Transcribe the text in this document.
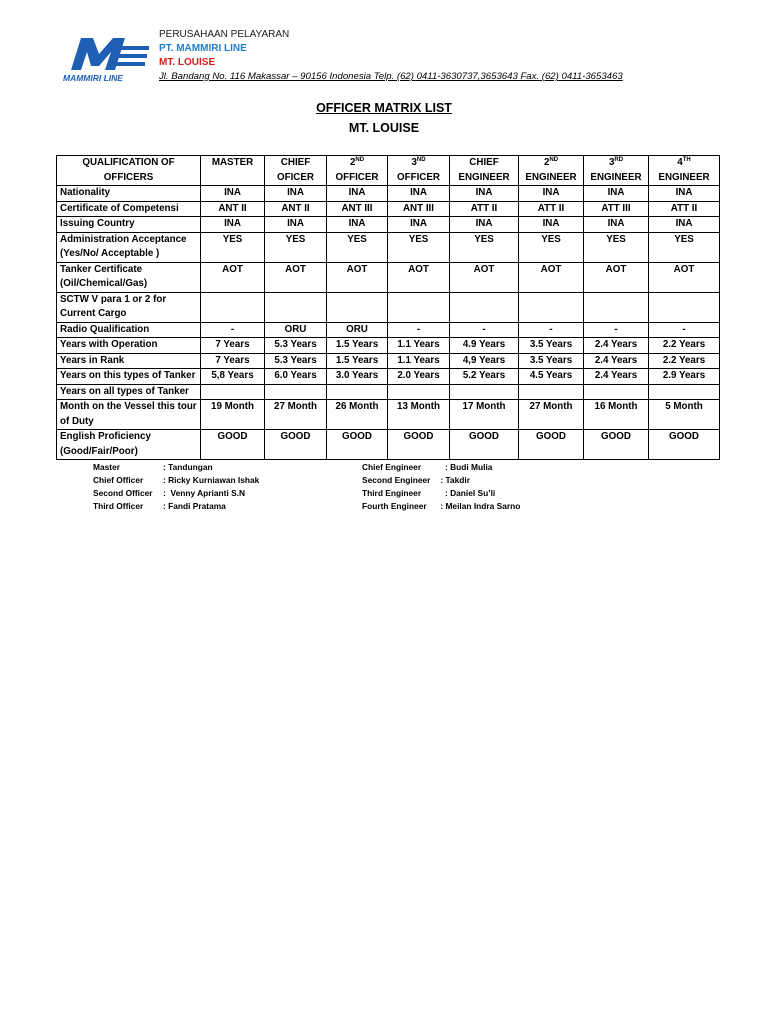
MAMMIRI LINE
PERUSAHAAN PELAYARAN
PT. MAMMIRI LINE
MT. LOUISE
Jl. Bandang No. 116 Makassar – 90156 Indonesia Telp. (62) 0411-3630737,3653643 Fax. (62) 0411-3653463
OFFICER MATRIX LIST
MT. LOUISE
QUALIFICATION OF OFFICERS	MASTER	CHIEF OFICER	2ND OFFICER	3ND OFFICER	CHIEF ENGINEER	2ND ENGINEER	3RD ENGINEER	4TH ENGINEER
Nationality	INA	INA	INA	INA	INA	INA	INA	INA
Certificate of Competensi	ANT II	ANT II	ANT III	ANT III	ATT II	ATT II	ATT III	ATT II
Issuing Country	INA	INA	INA	INA	INA	INA	INA	INA
Administration Acceptance (Yes/No/ Acceptable )	YES	YES	YES	YES	YES	YES	YES	YES
Tanker Certificate (Oil/Chemical/Gas)	AOT	AOT	AOT	AOT	AOT	AOT	AOT	AOT
SCTW V para 1 or 2 for Current Cargo								
Radio Qualification	-	ORU	ORU	-	-	-	-	-
Years with Operation	7 Years	5.3 Years	1.5 Years	1.1 Years	4.9 Years	3.5 Years	2.4 Years	2.2 Years
Years in Rank	7 Years	5.3 Years	1.5 Years	1.1 Years	4,9 Years	3.5 Years	2.4 Years	2.2 Years
Years on this types of Tanker	5,8 Years	6.0 Years	3.0 Years	2.0 Years	5.2 Years	4.5 Years	2.4 Years	2.9 Years
Years on all types of Tanker								
Month on the Vessel this tour of Duty	19 Month	27 Month	26 Month	13 Month	17 Month	27 Month	16 Month	5 Month
English Proficiency (Good/Fair/Poor)	GOOD	GOOD	GOOD	GOOD	GOOD	GOOD	GOOD	GOOD
Master	: Tandungan
Chief Officer : Ricky Kurniawan Ishak
Second Officer :  Venny Aprianti S.N
Third Officer : Fandi Pratama
Chief Engineer   : Budi Mulia
Second Engineer : Takdir
Third Engineer   : Daniel Su’li
Fourth Engineer : Meilan Indra Sarno
